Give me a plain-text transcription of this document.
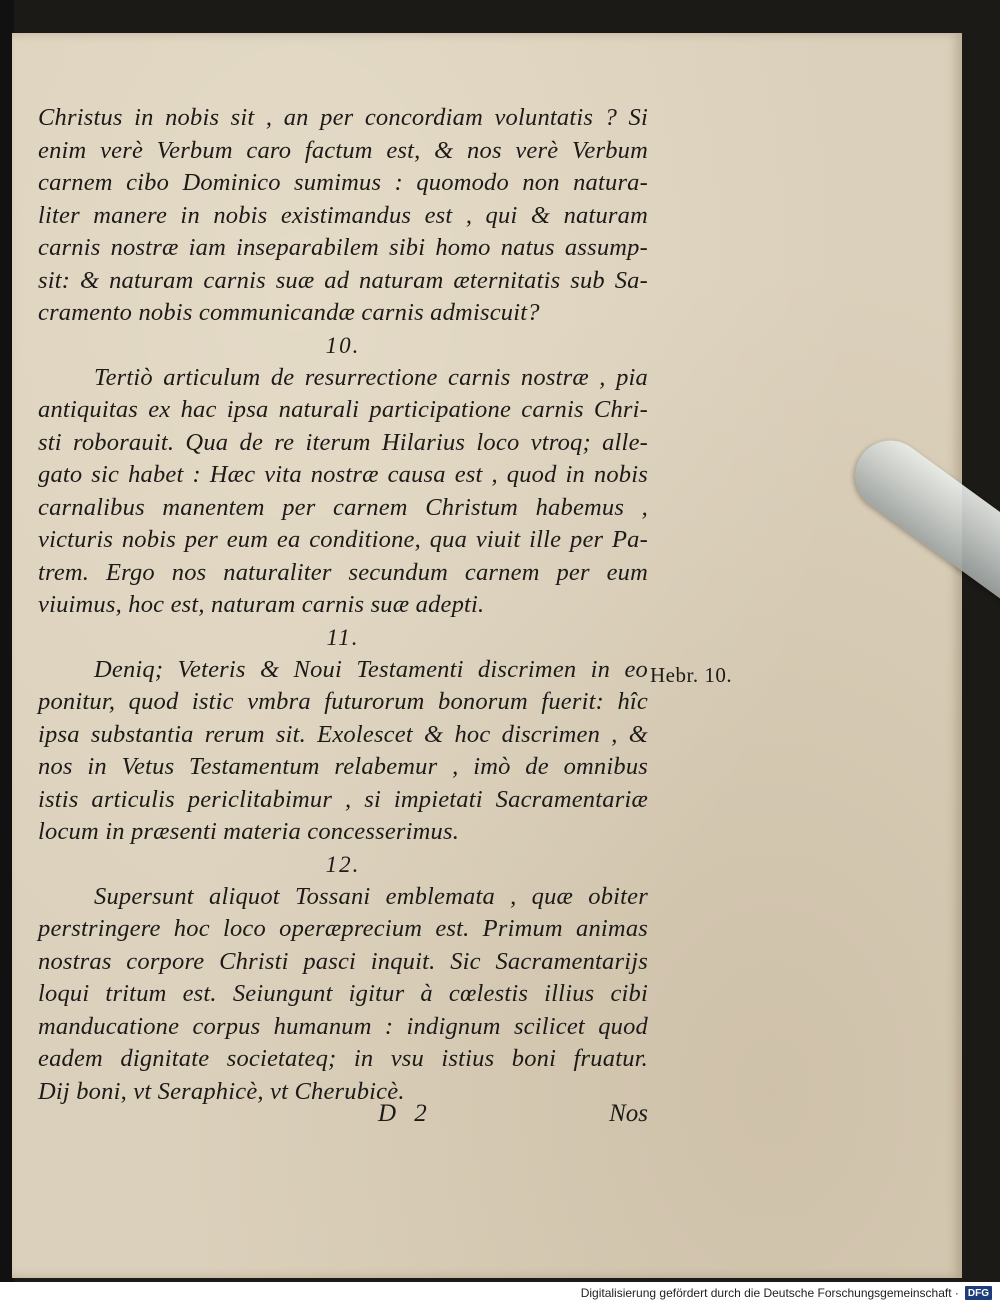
Christus in nobis sit , an per concordiam voluntatis ? Si
enim verè Verbum caro factum est, & nos verè Verbum
carnem cibo Dominico sumimus : quomodo non natura-
liter manere in nobis existimandus est , qui & naturam
carnis nostræ iam inseparabilem sibi homo natus assump-
sit: & naturam carnis suæ ad naturam æternitatis sub Sa-
cramento nobis communicandæ carnis admiscuit?
10.
Tertiò articulum de resurrectione carnis nostræ , pia
antiquitas ex hac ipsa naturali participatione carnis Chri-
sti roborauit. Qua de re iterum Hilarius loco vtroq; alle-
gato sic habet : Hæc vita nostræ causa est , quod in nobis
carnalibus manentem per carnem Christum habemus ,
victuris nobis per eum ea conditione, qua viuit ille per Pa-
trem. Ergo nos naturaliter secundum carnem per eum
viuimus, hoc est, naturam carnis suæ adepti.
11.
Deniq; Veteris & Noui Testamenti discrimen in eo
ponitur, quod istic vmbra futurorum bonorum fuerit: hîc
ipsa substantia rerum sit. Exolescet & hoc discrimen , &
nos in Vetus Testamentum relabemur , imò de omnibus
istis articulis periclitabimur , si impietati Sacramentariæ
locum in præsenti materia concesserimus.
12.
Supersunt aliquot Tossani emblemata , quæ obiter
perstringere hoc loco operæprecium est. Primum animas
nostras corpore Christi pasci inquit. Sic Sacramentarijs
loqui tritum est. Seiungunt igitur à cœlestis illius cibi
manducatione corpus humanum : indignum scilicet quod
eadem dignitate societateq; in vsu istius boni fruatur.
Dij boni, vt Seraphicè, vt Cherubicè.
Hebr. 10.
D 2	Nos
Digitalisierung gefördert durch die Deutsche Forschungsgemeinschaft · DFG
